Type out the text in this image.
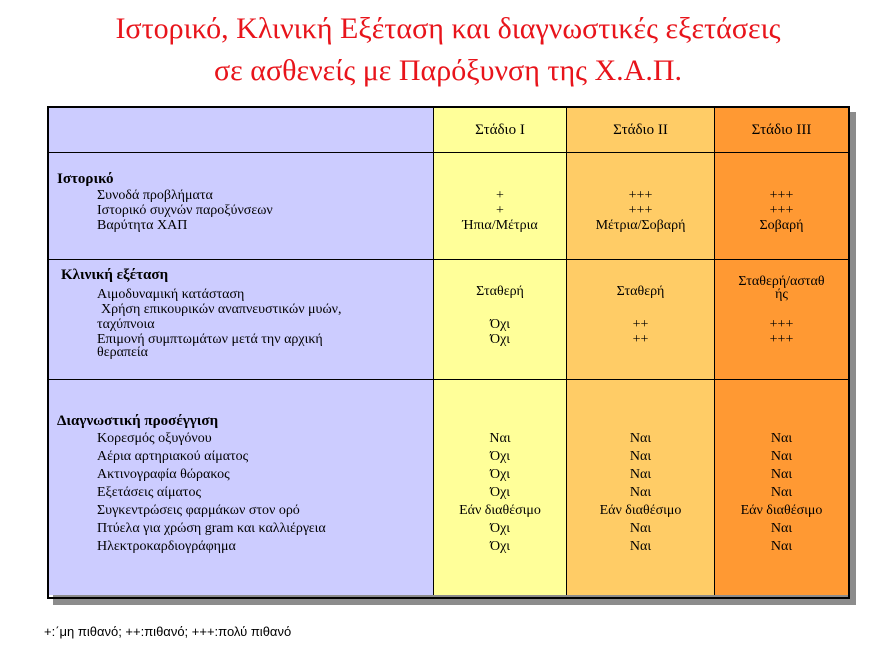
Ιστορικό, Κλινική Εξέταση και διαγνωστικές εξετάσεις
σε ασθενείς με Παρόξυνση της Χ.Α.Π.
Στάδιο Ι	Στάδιο ΙΙ	Στάδιο ΙΙΙ
Ιστορικό
Συνοδά προβλήματα
Ιστορικό συχνών παροξύνσεων
Βαρύτητα ΧΑΠ
+
+
Ήπια/Μέτρια
+++
+++
Μέτρια/Σοβαρή
+++
+++
Σοβαρή
Κλινική εξέταση
Αιμοδυναμική κατάσταση
Χρήση επικουρικών αναπνευστικών μυών,
ταχύπνοια
Επιμονή συμπτωμάτων μετά την αρχική
θεραπεία
Σταθερή
Όχι
Όχι
Σταθερή
++
++
Σταθερή/ασταθ
ής
+++
+++
Διαγνωστική προσέγγιση
Κορεσμός οξυγόνου
Αέρια αρτηριακού αίματος
Ακτινογραφία θώρακος
Εξετάσεις αίματος
Συγκεντρώσεις φαρμάκων στον ορό
Πτύελα για χρώση gram και καλλιέργεια
Ηλεκτροκαρδιογράφημα
Ναι
Όχι
Όχι
Όχι
Εάν διαθέσιμο
Όχι
Όχι
Ναι
Ναι
Ναι
Ναι
Εάν διαθέσιμο
Ναι
Ναι
Ναι
Ναι
Ναι
Ναι
Εάν διαθέσιμο
Ναι
Ναι
+:΄μη πιθανό; ++:πιθανό; +++:πολύ πιθανό
